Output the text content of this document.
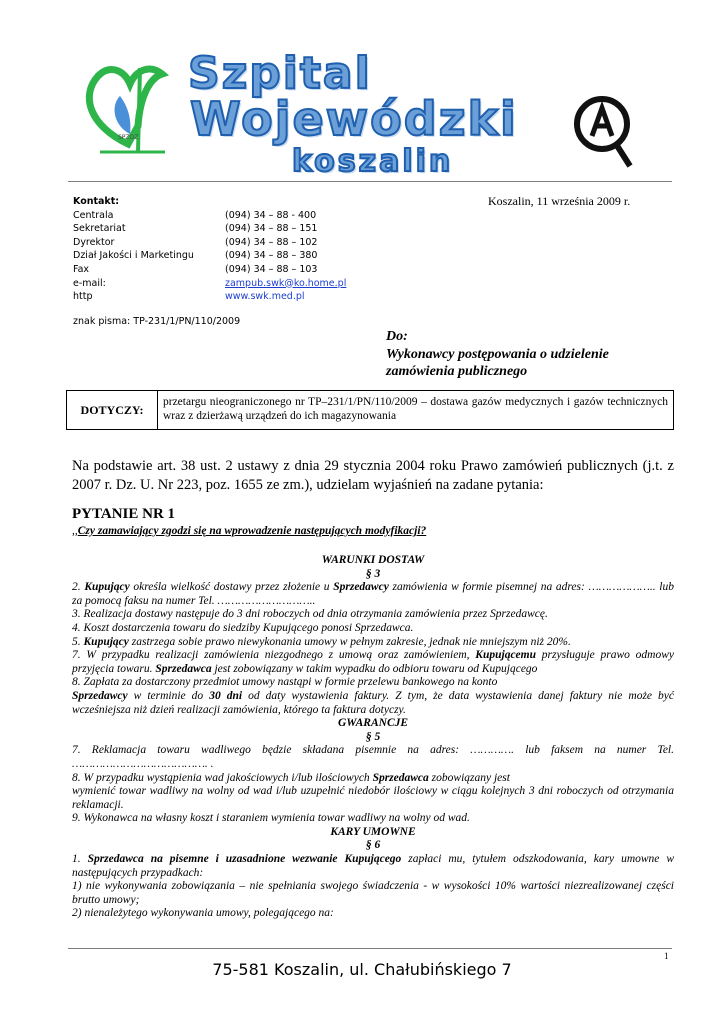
SPZOZ
Szpital
Wojewódzki
koszalin
Kontakt:
Centrala	(094) 34 – 88 - 400
Sekretariat	(094) 34 – 88 – 151
Dyrektor	(094) 34 – 88 – 102
Dział Jakości i Marketingu	(094) 34 – 88 – 380
Fax	(094) 34 – 88 – 103
e-mail:	zampub.swk@ko.home.pl
http	www.swk.med.pl
Koszalin, 11 września 2009 r.
znak pisma: TP-231/1/PN/110/2009
Do:
Wykonawcy postępowania o udzielenie
zamówienia publicznego
DOTYCZY:
przetargu nieograniczonego nr TP–231/1/PN/110/2009 – dostawa gazów medycznych i gazów technicznych wraz z dzierżawą urządzeń do ich magazynowania
Na podstawie art. 38 ust. 2 ustawy z dnia 29 stycznia 2004 roku Prawo zamówień publicznych (j.t. z 2007 r. Dz. U. Nr 223, poz. 1655 ze zm.), udzielam wyjaśnień na zadane pytania:
PYTANIE NR 1
,,Czy zamawiający zgodzi się na wprowadzenie następujących modyfikacji?

WARUNKI DOSTAW

§ 3

2. Kupujący określa wielkość dostawy przez złożenie u Sprzedawcy zamówienia w formie pisemnej na adres: ……………….. lub za pomocą faksu na numer Tel. ………………………..

3. Realizacja dostawy następuje do 3 dni roboczych od dnia otrzymania zamówienia przez Sprzedawcę.

4. Koszt dostarczenia towaru do siedziby Kupującego ponosi Sprzedawca.

5. Kupujący zastrzega sobie prawo niewykonania umowy w pełnym zakresie, jednak nie mniejszym niż 20%.

7. W przypadku realizacji zamówienia niezgodnego z umową oraz zamówieniem, Kupującemu przysługuje prawo odmowy przyjęcia towaru. Sprzedawca jest zobowiązany w takim wypadku do odbioru towaru od Kupującego

8. Zapłata za dostarczony przedmiot umowy nastąpi w formie przelewu bankowego na konto

Sprzedawcy w terminie do 30 dni od daty wystawienia faktury. Z tym, że data wystawienia danej faktury nie może być wcześniejsza niż dzień realizacji zamówienia, którego ta faktura dotyczy.

GWARANCJE

§ 5

7. Reklamacja towaru wadliwego będzie składana pisemnie na adres: …………. lub faksem na numer Tel. …………………………………. .

8. W przypadku wystąpienia wad jakościowych i/lub ilościowych Sprzedawca zobowiązany jest

wymienić towar wadliwy na wolny od wad i/lub uzupełnić niedobór ilościowy w ciągu kolejnych 3 dni roboczych od otrzymania reklamacji.

9. Wykonawca na własny koszt i staraniem wymienia towar wadliwy na wolny od wad.

KARY UMOWNE

§ 6

1. Sprzedawca na pisemne i uzasadnione wezwanie Kupującego zapłaci mu, tytułem odszkodowania, kary umowne w następujących przypadkach:

1) nie wykonywania zobowiązania – nie spełniania swojego świadczenia - w wysokości 10% wartości niezrealizowanej części brutto umowy;

2) nienależytego wykonywania umowy, polegającego na:

1
75-581 Koszalin, ul. Chałubińskiego 7
